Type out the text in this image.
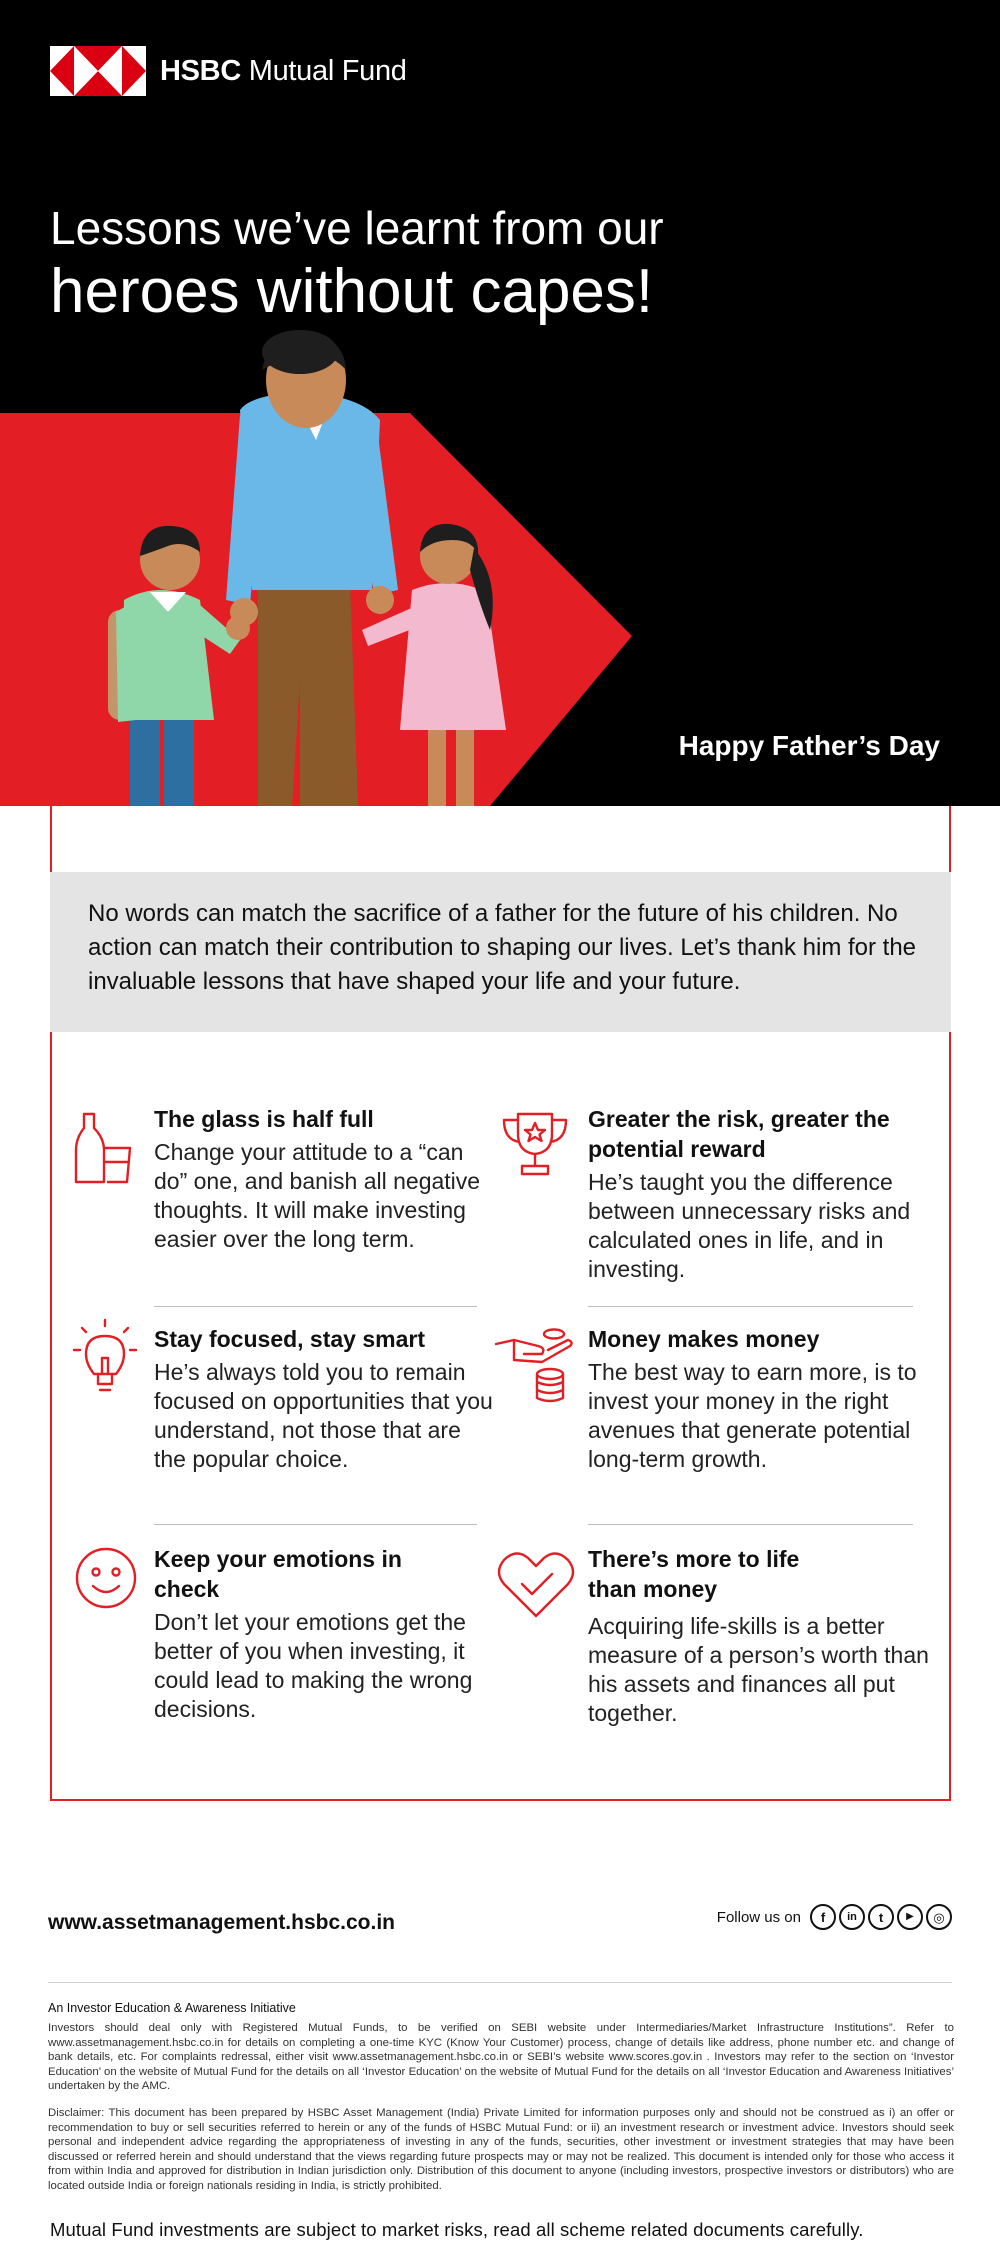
HSBC Mutual Fund
Lessons we’ve learnt from our
heroes without capes!
Happy Father’s Day

No words can match the sacrifice of a father for the future of his children. No action can match their contribution to shaping our lives. Let’s thank him for the invaluable lessons that have shaped your life and your future.

The glass is half full

Change your attitude to a “can do” one, and banish all negative thoughts. It will make investing easier over the long term.

Greater the risk, greater the potential reward

He’s taught you the difference between unnecessary risks and calculated ones in life, and in investing.

Stay focused, stay smart

He’s always told you to remain focused on opportunities that you understand, not those that are the popular choice.

Money makes money

The best way to earn more, is to invest your money in the right avenues that generate potential long-term growth.

Keep your emotions in check

Don’t let your emotions get the better of you when investing, it could lead to making the wrong decisions.

There’s more to life than money

Acquiring life-skills is a better measure of a person’s worth than his assets and finances all put together.

www.assetmanagement.hsbc.co.in	Follow us on	f	in	t	▶	◎
An Investor Education & Awareness Initiative

Investors should deal only with Registered Mutual Funds, to be verified on SEBI website under Intermediaries/Market Infrastructure Institutions”. Refer to www.assetmanagement.hsbc.co.in for details on completing a one-time KYC (Know Your Customer) process, change of details like address, phone number etc. and change of bank details, etc. For complaints redressal, either visit www.assetmanagement.hsbc.co.in or SEBI’s website www.scores.gov.in . Investors may refer to the section on ‘Investor Education’ on the website of Mutual Fund for the details on all ‘Investor Education’ on the website of Mutual Fund for the details on all ‘Investor Education and Awareness Initiatives’ undertaken by the AMC.

Disclaimer: This document has been prepared by HSBC Asset Management (India) Private Limited for information purposes only and should not be construed as i) an offer or recommendation to buy or sell securities referred to herein or any of the funds of HSBC Mutual Fund: or ii) an investment research or investment advice. Investors should seek personal and independent advice regarding the appropriateness of investing in any of the funds, securities, other investment or investment strategies that may have been discussed or referred herein and should understand that the views regarding future prospects may or may not be realized. This document is intended only for those who access it from within India and approved for distribution in Indian jurisdiction only. Distribution of this document to anyone (including investors, prospective investors or distributors) who are located outside India or foreign nationals residing in India, is strictly prohibited.

Mutual Fund investments are subject to market risks, read all scheme related documents carefully.
